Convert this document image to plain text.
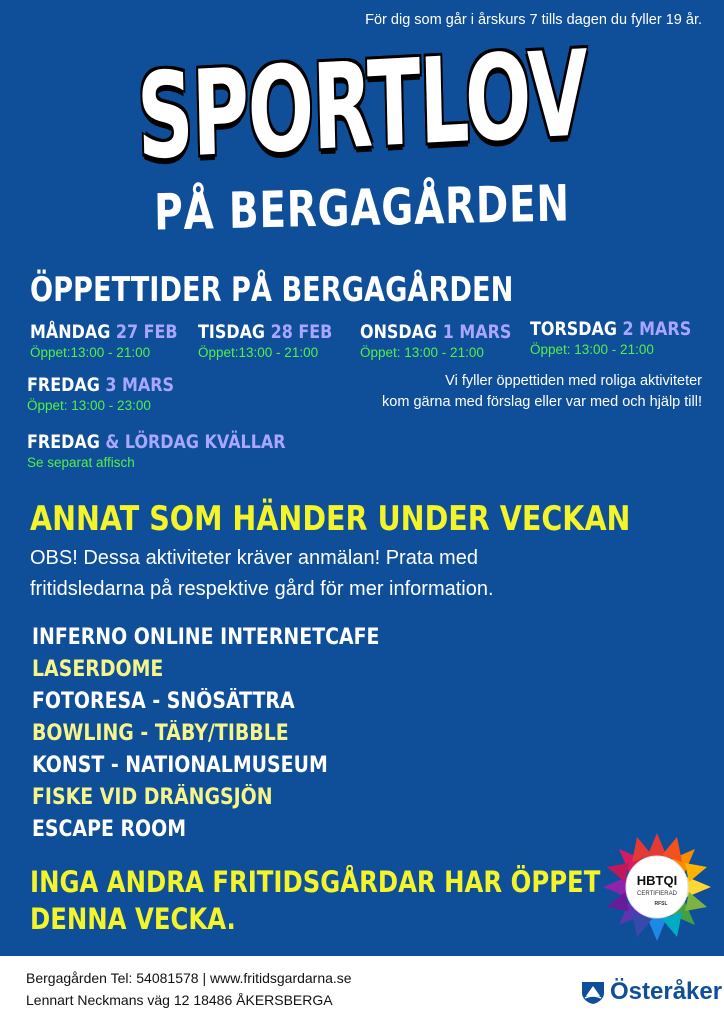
För dig som går i årskurs 7 tills dagen du fyller 19 år.
SPORTLOV
PÅ BERGAGÅRDEN
ÖPPETTIDER PÅ BERGAGÅRDEN
MÅNDAG 27 FEB
Öppet:13:00 - 21:00
TISDAG 28 FEB
Öppet:13:00 - 21:00
ONSDAG 1 MARS
Öppet: 13:00 - 21:00
TORSDAG 2 MARS
Öppet: 13:00 - 21:00
FREDAG 3 MARS
Öppet: 13:00 - 23:00
Vi fyller öppettiden med roliga aktiviteter
kom gärna med förslag eller var med och hjälp till!
FREDAG & LÖRDAG KVÄLLAR
Se separat affisch
ANNAT SOM HÄNDER UNDER VECKAN
OBS! Dessa aktiviteter kräver anmälan! Prata med
fritidsledarna på respektive gård för mer information.
INFERNO ONLINE INTERNETCAFE
LASERDOME
FOTORESA - SNÖSÄTTRA
BOWLING - TÄBY/TIBBLE
KONST - NATIONALMUSEUM
FISKE VID DRÄNGSJÖN
ESCAPE ROOM
INGA ANDRA FRITIDSGÅRDAR HAR ÖPPET
DENNA VECKA.
HBTQI
CERTIFIERAD
RFSL
Bergagården Tel: 54081578 | www.fritidsgardarna.se
Lennart Neckmans väg 12 18486 ÅKERSBERGA	Österåker
